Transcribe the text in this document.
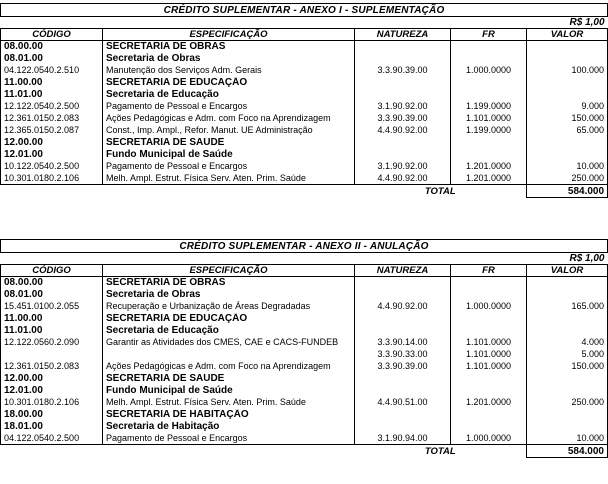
CRÉDITO SUPLEMENTAR - ANEXO I - SUPLEMENTAÇÃO				
R$ 1,00				
CÓDIGO	ESPECIFICAÇÃO	NATUREZA	FR	VALOR
08.00.00	SECRETARIA DE OBRAS			
08.01.00	Secretaria de Obras			
04.122.0540.2.510	Manutenção dos Serviços Adm. Gerais	3.3.90.39.00	1.000.0000	100.000
11.00.00	SECRETARIA DE EDUCAÇÃO			
11.01.00	Secretaria de Educação			
12.122.0540.2.500	Pagamento de Pessoal e Encargos	3.1.90.92.00	1.199.0000	9.000
12.361.0150.2.083	Ações Pedagógicas e Adm. com Foco na Aprendizagem	3.3.90.39.00	1.101.0000	150.000
12.365.0150.2.087	Const., Imp. Ampl., Refor. Manut. UE Administração	4.4.90.92.00	1.199.0000	65.000
12.00.00	SECRETARIA DE SAUDE			
12.01.00	Fundo Municipal de Saúde			
10.122.0540.2.500	Pagamento de Pessoal e Encargos	3.1.90.92.00	1.201.0000	10.000
10.301.0180.2.106	Melh. Ampl. Estrut. Física Serv. Aten. Prim. Saúde	4.4.90.92.00	1.201.0000	250.000
		TOTAL		584.000
CRÉDITO SUPLEMENTAR - ANEXO II - ANULAÇÃO				
R$ 1,00				
CÓDIGO	ESPECIFICAÇÃO	NATUREZA	FR	VALOR
08.00.00	SECRETARIA DE OBRAS			
08.01.00	Secretaria de Obras			
15.451.0100.2.055	Recuperação e Urbanização de Áreas Degradadas	4.4.90.92.00	1.000.0000	165.000
11.00.00	SECRETARIA DE EDUCAÇÃO			
11.01.00	Secretaria de Educação			
12.122.0560.2.090	Garantir as Atividades dos CMES, CAE e CACS-FUNDEB	3.3.90.14.00	1.101.0000	4.000
		3.3.90.33.00	1.101.0000	5.000
12.361.0150.2.083	Ações Pedagógicas e Adm. com Foco na Aprendizagem	3.3.90.39.00	1.101.0000	150.000
12.00.00	SECRETARIA DE SAUDE			
12.01.00	Fundo Municipal de Saúde			
10.301.0180.2.106	Melh. Ampl. Estrut. Física Serv. Aten. Prim. Saúde	4.4.90.51.00	1.201.0000	250.000
18.00.00	SECRETARIA DE HABITAÇÃO			
18.01.00	Secretaria de Habitação			
04.122.0540.2.500	Pagamento de Pessoal e Encargos	3.1.90.94.00	1.000.0000	10.000
		TOTAL		584.000
